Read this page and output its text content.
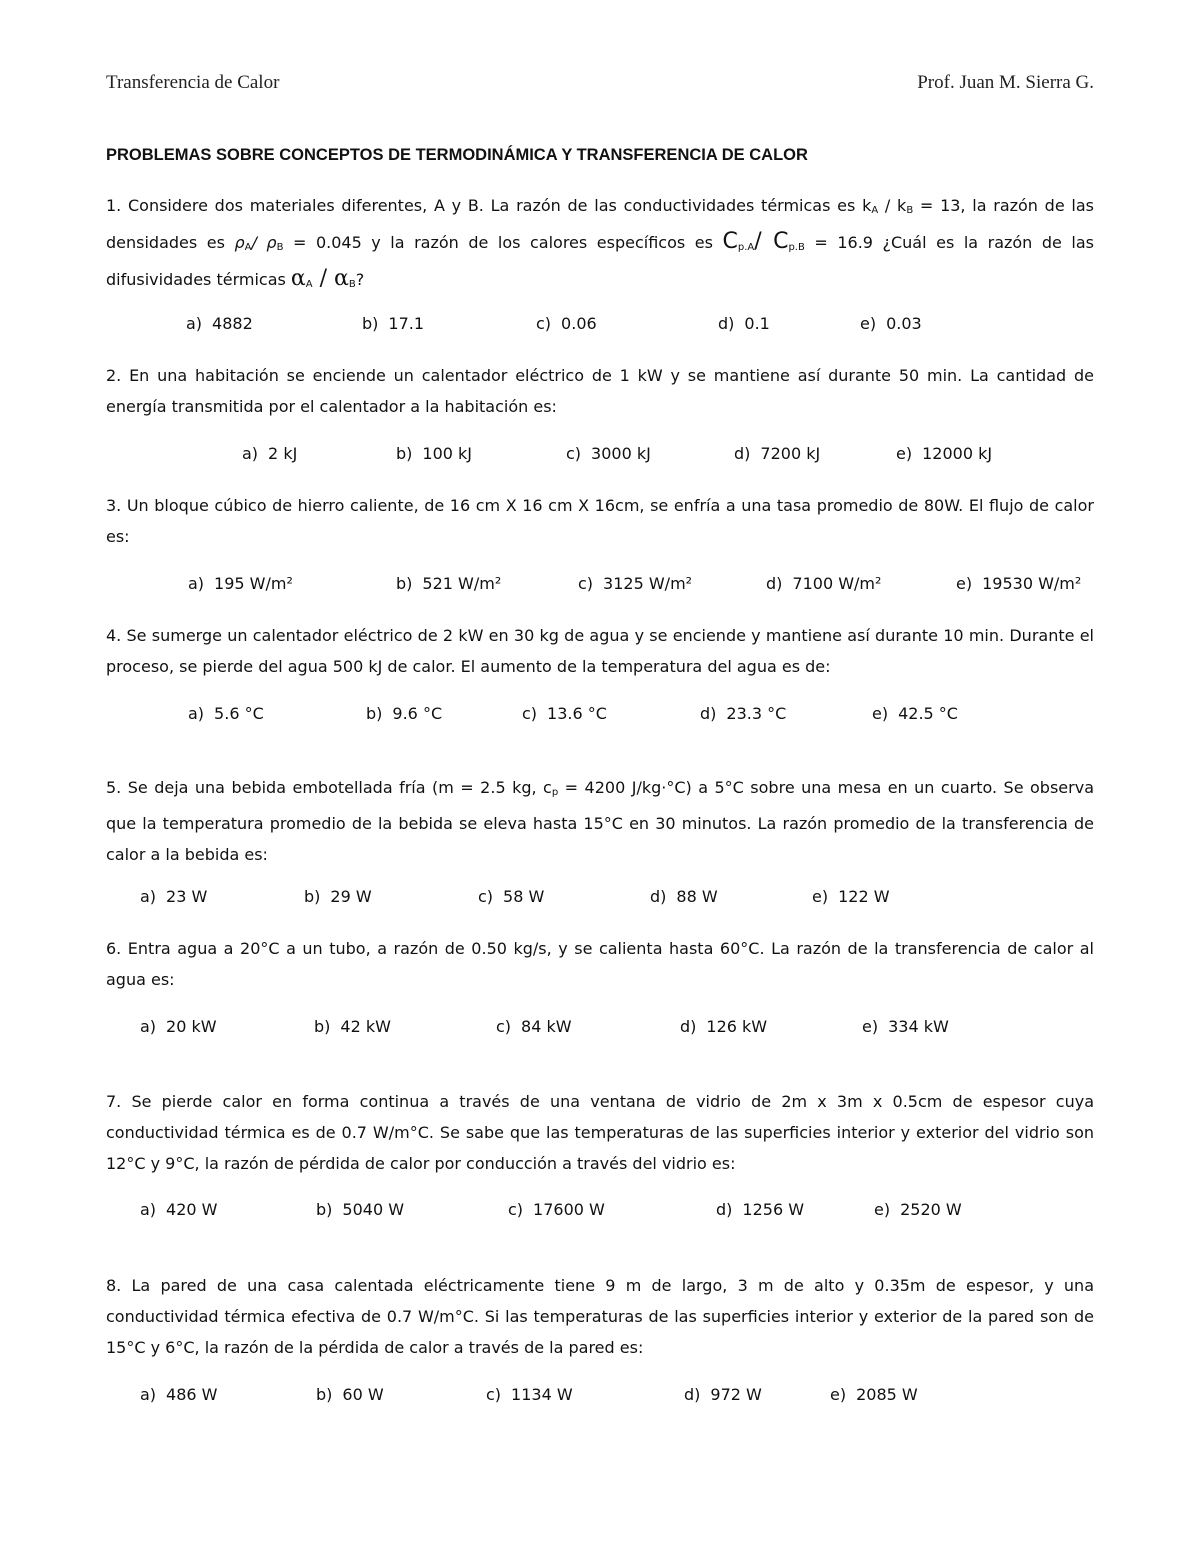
Transferencia de Calor	Prof. Juan M. Sierra G.
PROBLEMAS SOBRE CONCEPTOS DE TERMODINÁMICA Y TRANSFERENCIA DE CALOR

1. Considere dos materiales diferentes, A y B. La razón de las conductividades térmicas es $k_A / k_B = 13$, la razón de las densidades es $\rho_A/$ $\rho_B = 0.045$ y la razón de los calores específicos es $C_{p.A}/$ $C_{p.B} = 16.9$ ¿Cuál es la razón de las difusividades térmicas $\alpha_A / \alpha_B$?

a) 4882	b) 17.1	c) 0.06	d) 0.1	e) 0.03

2. En una habitación se enciende un calentador eléctrico de 1 kW y se mantiene así durante 50 min. La cantidad de energía transmitida por el calentador a la habitación es:

a) 2 kJ	b) 100 kJ	c) 3000 kJ	d) 7200 kJ	e) 12000 kJ

3. Un bloque cúbico de hierro caliente, de 16 cm X 16 cm X 16cm, se enfría a una tasa promedio de 80W. El flujo de calor es:

a) 195 W/m²	b) 521 W/m²	c) 3125 W/m²	d) 7100 W/m²	e) 19530 W/m²

4. Se sumerge un calentador eléctrico de 2 kW en 30 kg de agua y se enciende y mantiene así durante 10 min. Durante el proceso, se pierde del agua 500 kJ de calor. El aumento de la temperatura del agua es de:

a) 5.6 °C	b) 9.6 °C	c) 13.6 °C	d) 23.3 °C	e) 42.5 °C

5. Se deja una bebida embotellada fría (m = 2.5 kg, $c_p = 4200$ J/kg·°C) a 5°C sobre una mesa en un cuarto. Se observa que la temperatura promedio de la bebida se eleva hasta 15°C en 30 minutos. La razón promedio de la transferencia de calor a la bebida es:

a) 23 W	b) 29 W	c) 58 W	d) 88 W	e) 122 W

6. Entra agua a 20°C a un tubo, a razón de 0.50 kg/s, y se calienta hasta 60°C. La razón de la transferencia de calor al agua es:

a) 20 kW	b) 42 kW	c) 84 kW	d) 126 kW	e) 334 kW

7. Se pierde calor en forma continua a través de una ventana de vidrio de 2m x 3m x 0.5cm de espesor cuya conductividad térmica es de 0.7 W/m°C. Se sabe que las temperaturas de las superficies interior y exterior del vidrio son 12°C y 9°C, la razón de pérdida de calor por conducción a través del vidrio es:

a) 420 W	b) 5040 W	c) 17600 W	d) 1256 W	e) 2520 W

8. La pared de una casa calentada eléctricamente tiene 9 m de largo, 3 m de alto y 0.35m de espesor, y una conductividad térmica efectiva de 0.7 W/m°C. Si las temperaturas de las superficies interior y exterior de la pared son de 15°C y 6°C, la razón de la pérdida de calor a través de la pared es:

a) 486 W	b) 60 W	c) 1134 W	d) 972 W	e) 2085 W
